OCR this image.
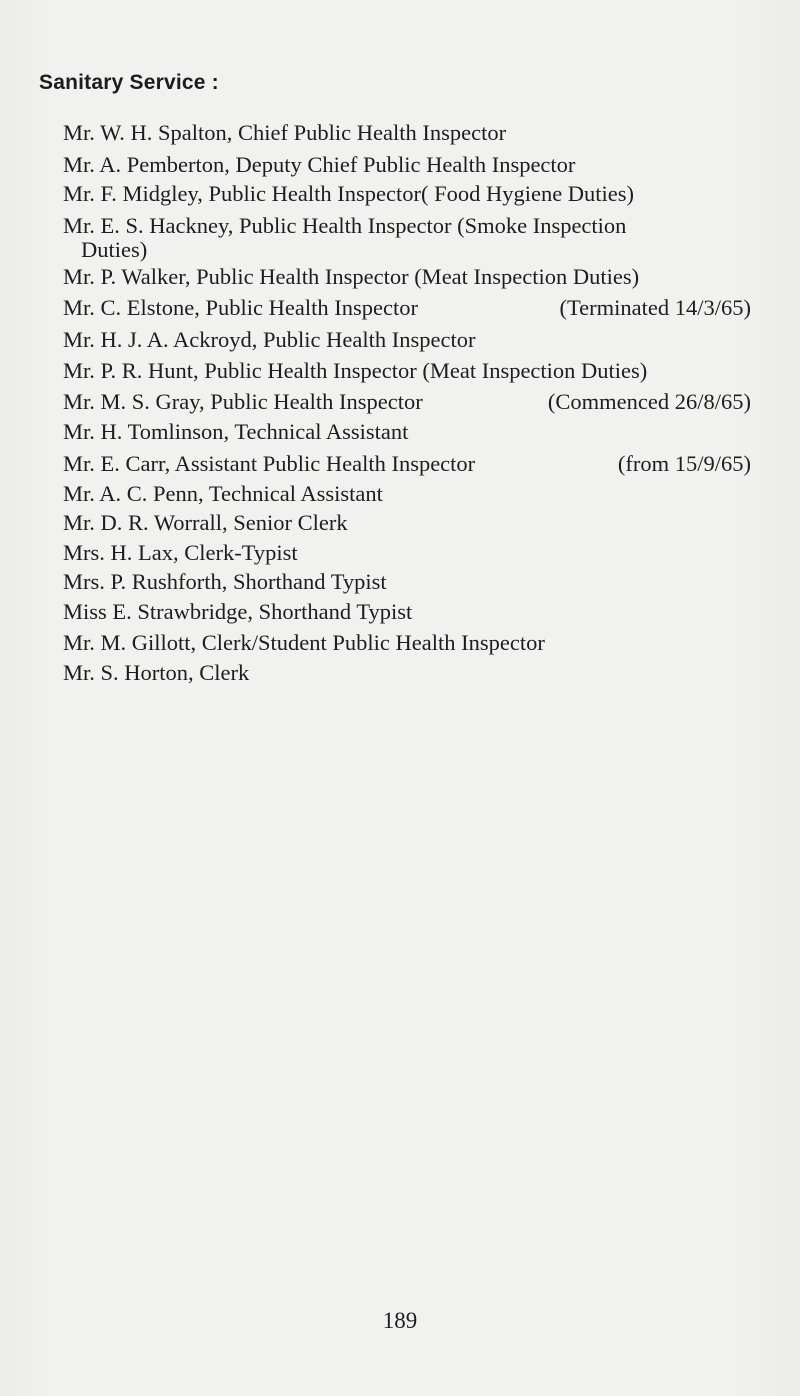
Sanitary Service :
Mr. W. H. Spalton, Chief Public Health Inspector
Mr. A. Pemberton, Deputy Chief Public Health Inspector
Mr. F. Midgley, Public Health Inspector( Food Hygiene Duties)
Mr. E. S. Hackney, Public Health Inspector (Smoke Inspection
Duties)
Mr. P. Walker, Public Health Inspector (Meat Inspection Duties)
Mr. C. Elstone, Public Health Inspector	(Terminated 14/3/65)
Mr. H. J. A. Ackroyd, Public Health Inspector
Mr. P. R. Hunt, Public Health Inspector (Meat Inspection Duties)
Mr. M. S. Gray, Public Health Inspector	(Commenced 26/8/65)
Mr. H. Tomlinson, Technical Assistant
Mr. E. Carr, Assistant Public Health Inspector	(from 15/9/65)
Mr. A. C. Penn, Technical Assistant
Mr. D. R. Worrall, Senior Clerk
Mrs. H. Lax, Clerk-Typist
Mrs. P. Rushforth, Shorthand Typist
Miss E. Strawbridge, Shorthand Typist
Mr. M. Gillott, Clerk/Student Public Health Inspector
Mr. S. Horton, Clerk
189
